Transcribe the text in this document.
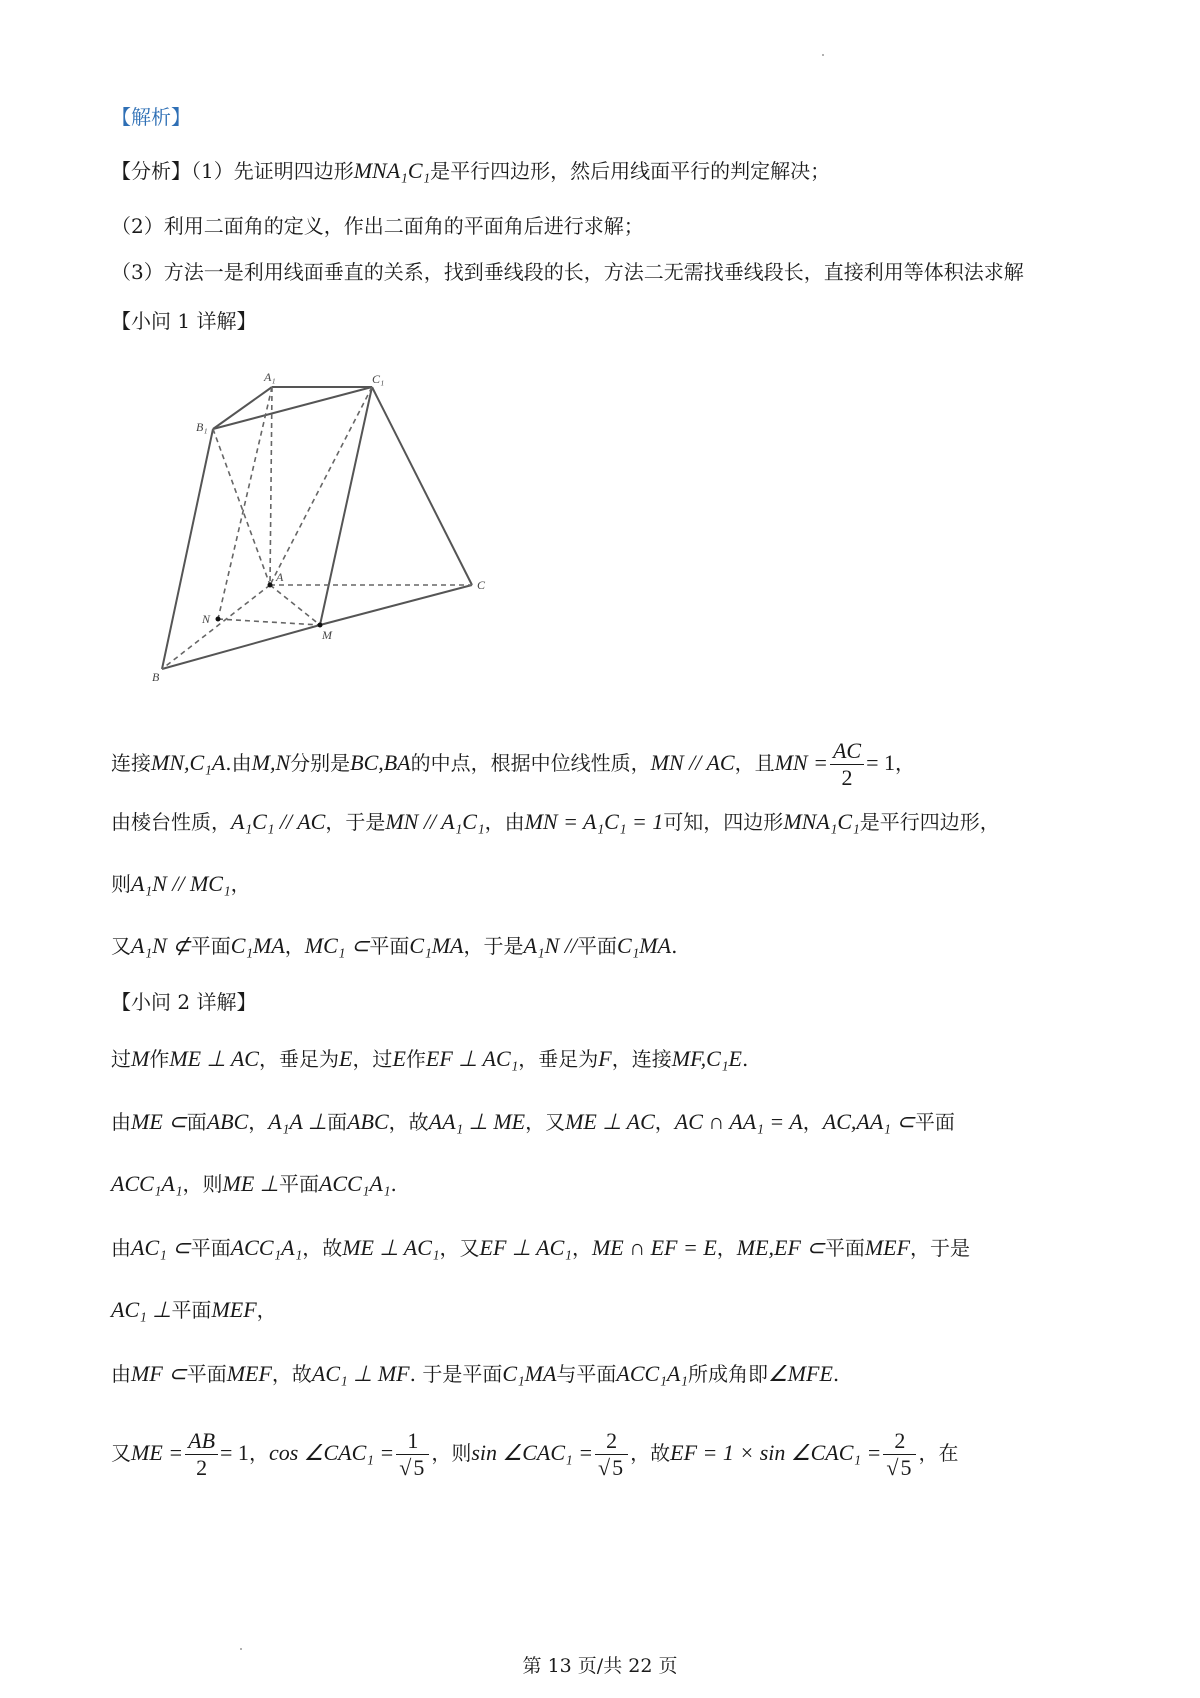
【解析】
【分析】（1）先证明四边形MNA₁C₁是平行四边形，然后用线面平行的判定解决；
（2）利用二面角的定义，作出二面角的平面角后进行求解；
（3）方法一是利用线面垂直的关系，找到垂线段的长，方法二无需找垂线段长，直接利用等体积法求解
【小问 1 详解】
A₁	C₁
B₁
A
C
N
M
B
连接MN,C₁A.由M,N分别是BC,BA的中点，根据中位线性质，MN // AC，且MN = $\frac{AC}{2} = 1$，
由棱台性质，A₁C₁ // AC，于是MN // A₁C₁，由MN = A₁C₁ = 1可知，四边形MNA₁C₁是平行四边形，
则A₁N // MC₁，
又A₁N ⊄平面C₁MA，MC₁ ⊂平面C₁MA，于是A₁N //平面C₁MA.
【小问 2 详解】
过M作ME ⊥ AC，垂足为E，过E作EF ⊥ AC₁，垂足为F，连接MF,C₁E.
由ME ⊂面ABC，A₁A ⊥面ABC，故AA₁ ⊥ ME，又ME ⊥ AC，AC ∩ AA₁ = A，AC,AA₁ ⊂平面
ACC₁A₁，则ME ⊥平面ACC₁A₁.
由AC₁ ⊂平面ACC₁A₁，故ME ⊥ AC₁，又EF ⊥ AC₁，ME ∩ EF = E，ME,EF ⊂平面MEF，于是
AC₁ ⊥平面MEF，
由MF ⊂平面MEF，故AC₁ ⊥ MF. 于是平面C₁MA与平面ACC₁A₁所成角即∠MFE.
又ME = $\frac{AB}{2} = 1$，cos ∠CAC₁ = $\frac{1}{√5}$ ，则sin ∠CAC₁ = $\frac{2}{√5}$ ，故EF = 1 × sin ∠CAC₁ = $\frac{2}{√5}$ ，在
第 13 页/共 22 页
